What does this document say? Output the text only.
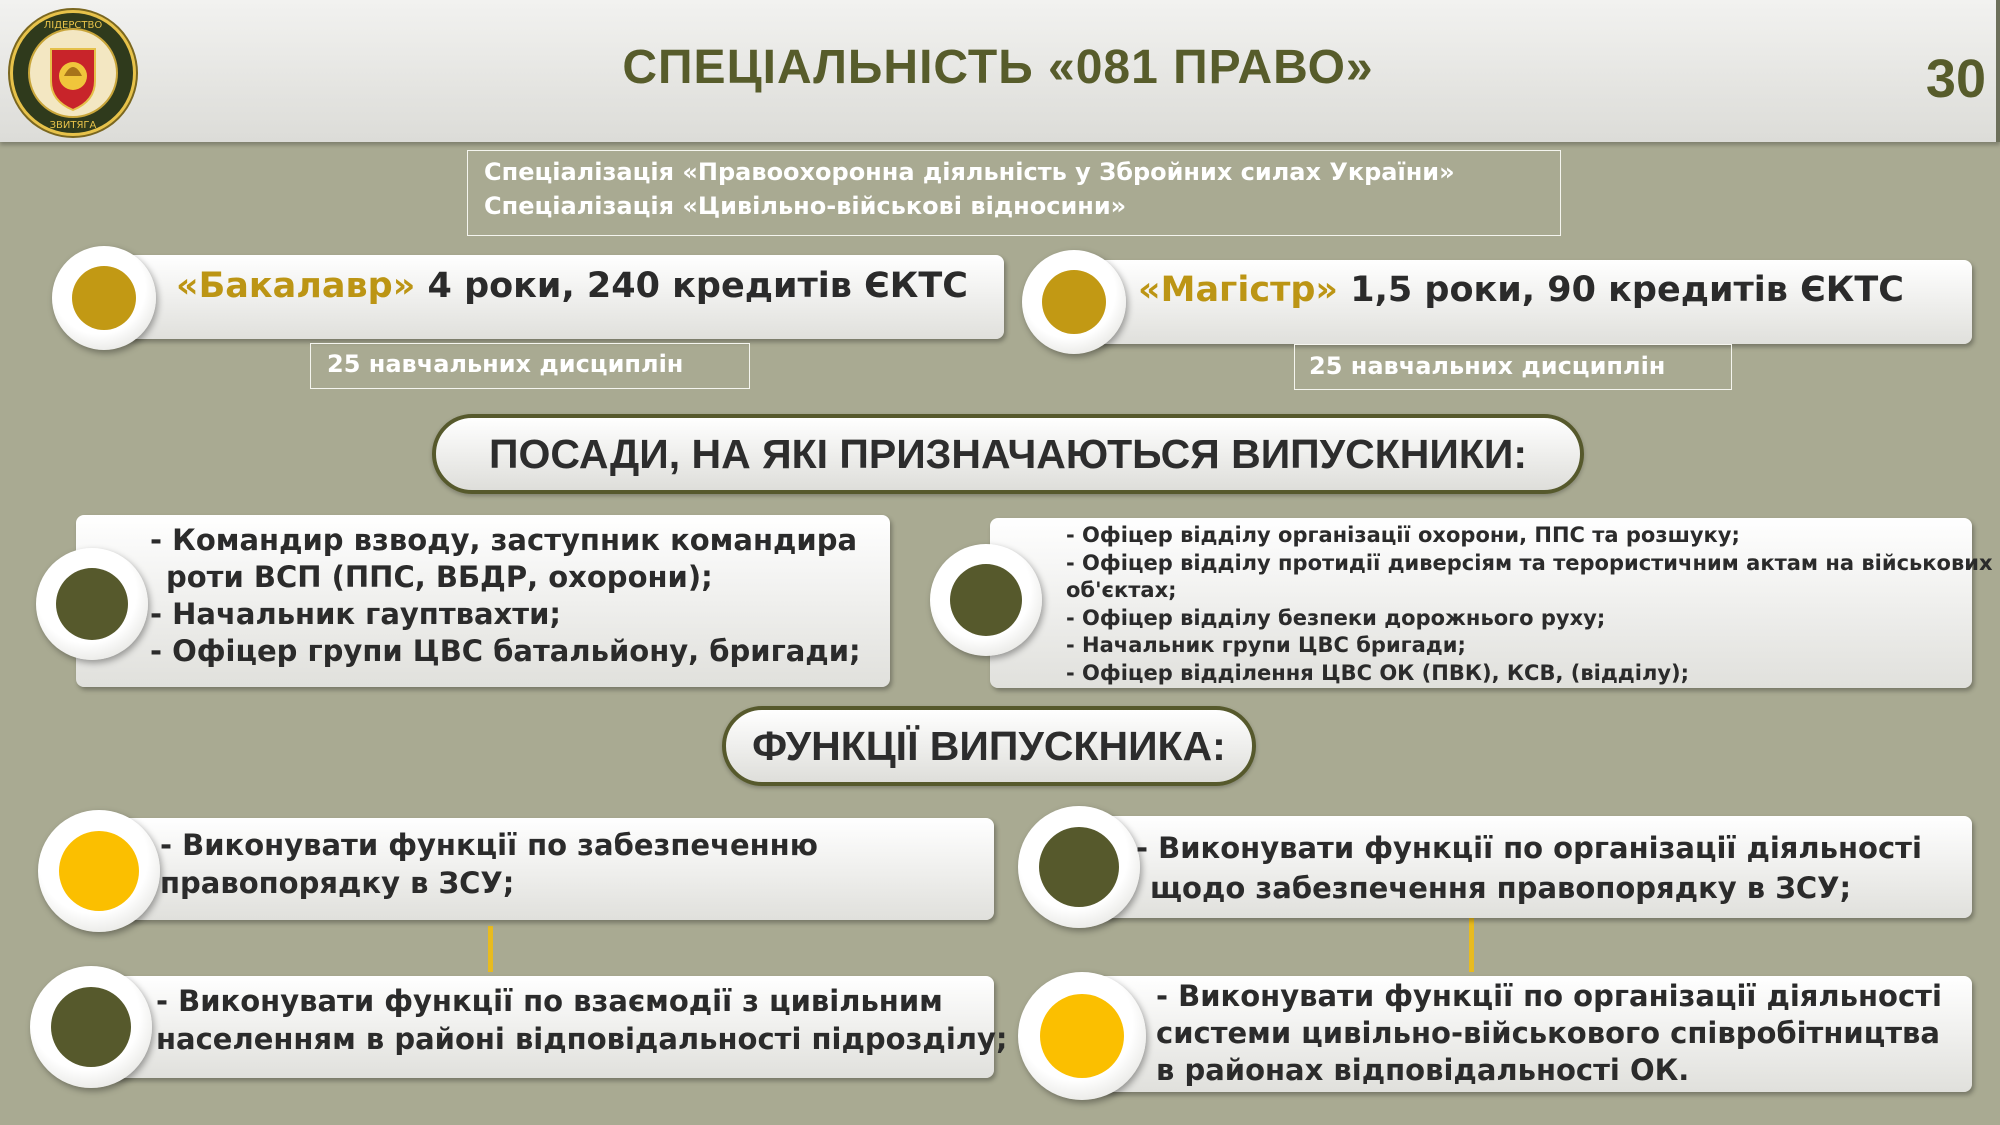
ЛІДЕРСТВО
ЗВИТЯГА
СПЕЦІАЛЬНІСТЬ «081 ПРАВО»	30
Спеціалізація «Правоохоронна діяльність у Збройних силах України»
Спеціалізація «Цивільно-військові відносини»
«Бакалавр» 4 роки, 240 кредитів ЄКТС
25 навчальних дисциплін
«Магістр» 1,5 роки, 90 кредитів ЄКТС
25 навчальних дисциплін
ПОСАДИ, НА ЯКІ ПРИЗНАЧАЮТЬСЯ ВИПУСКНИКИ:
- Командир взводу, заступник командира
роти ВСП (ППС, ВБДР, охорони);
- Начальник гауптвахти;
- Офіцер групи ЦВС батальйону, бригади;
- Офіцер відділу організації охорони, ППС та розшуку;
- Офіцер відділу протидії диверсіям та терористичним актам на військових
об'єктах;
- Офіцер відділу безпеки дорожнього руху;
- Начальник групи ЦВС бригади;
- Офіцер відділення ЦВС ОК (ПВК), КСВ, (відділу);
ФУНКЦІЇ ВИПУСКНИКА:
- Виконувати функції по забезпеченню
правопорядку в ЗСУ;
- Виконувати функції по організації діяльності
щодо забезпечення правопорядку в ЗСУ;
- Виконувати функції по взаємодії з цивільним
населенням в районі відповідальності підрозділу;
- Виконувати функції по організації діяльності
системи цивільно-військового співробітництва
в районах відповідальності ОК.
